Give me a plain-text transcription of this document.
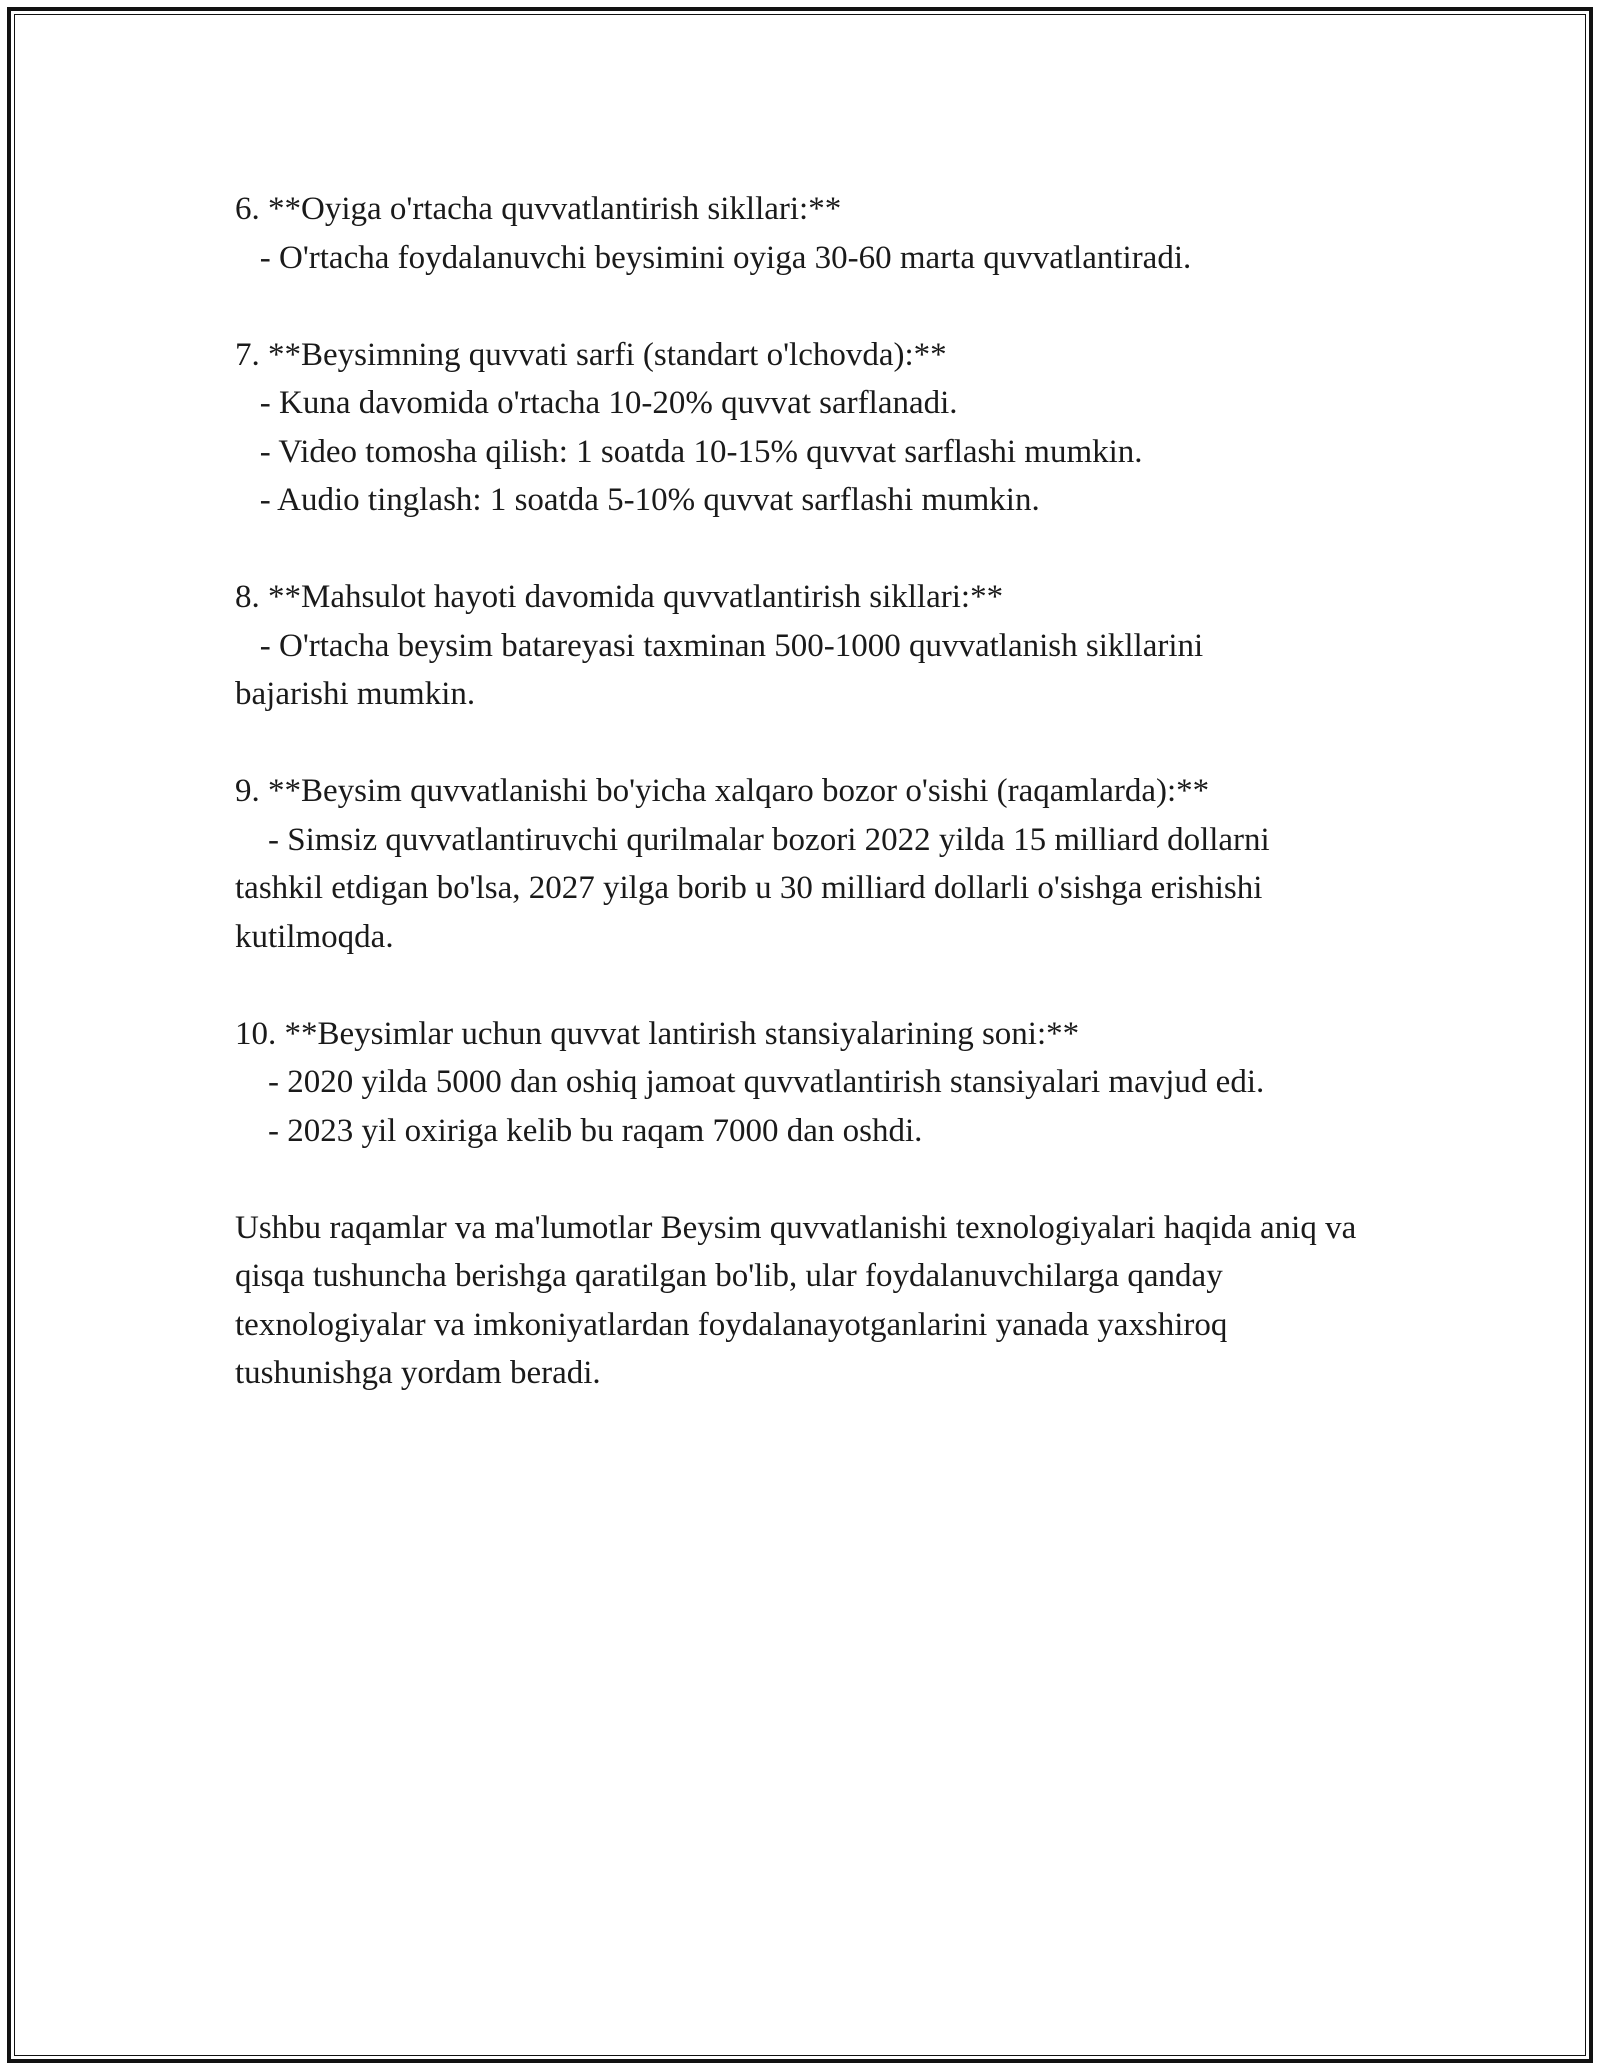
6. **Oyiga o'rtacha quvvatlantirish sikllari:**
- O'rtacha foydalanuvchi beysimini oyiga 30-60 marta quvvatlantiradi.
7. **Beysimning quvvati sarfi (standart o'lchovda):**
- Kuna davomida o'rtacha 10-20% quvvat sarflanadi.
- Video tomosha qilish: 1 soatda 10-15% quvvat sarflashi mumkin.
- Audio tinglash: 1 soatda 5-10% quvvat sarflashi mumkin.
8. **Mahsulot hayoti davomida quvvatlantirish sikllari:**
- O'rtacha beysim batareyasi taxminan 500-1000 quvvatlanish sikllarini bajarishi mumkin.
9. **Beysim quvvatlanishi bo'yicha xalqaro bozor o'sishi (raqamlarda):**
- Simsiz quvvatlantiruvchi qurilmalar bozori 2022 yilda 15 milliard dollarni tashkil etdigan bo'lsa, 2027 yilga borib u 30 milliard dollarli o'sishga erishishi kutilmoqda.
10. **Beysimlar uchun quvvat lantirish stansiyalarining soni:**
- 2020 yilda 5000 dan oshiq jamoat quvvatlantirish stansiyalari mavjud edi.
- 2023 yil oxiriga kelib bu raqam 7000 dan oshdi.
Ushbu raqamlar va ma'lumotlar Beysim quvvatlanishi texnologiyalari haqida aniq va qisqa tushuncha berishga qaratilgan bo'lib, ular foydalanuvchilarga qanday texnologiyalar va imkoniyatlardan foydalanayotganlarini yanada yaxshiroq tushunishga yordam beradi.
